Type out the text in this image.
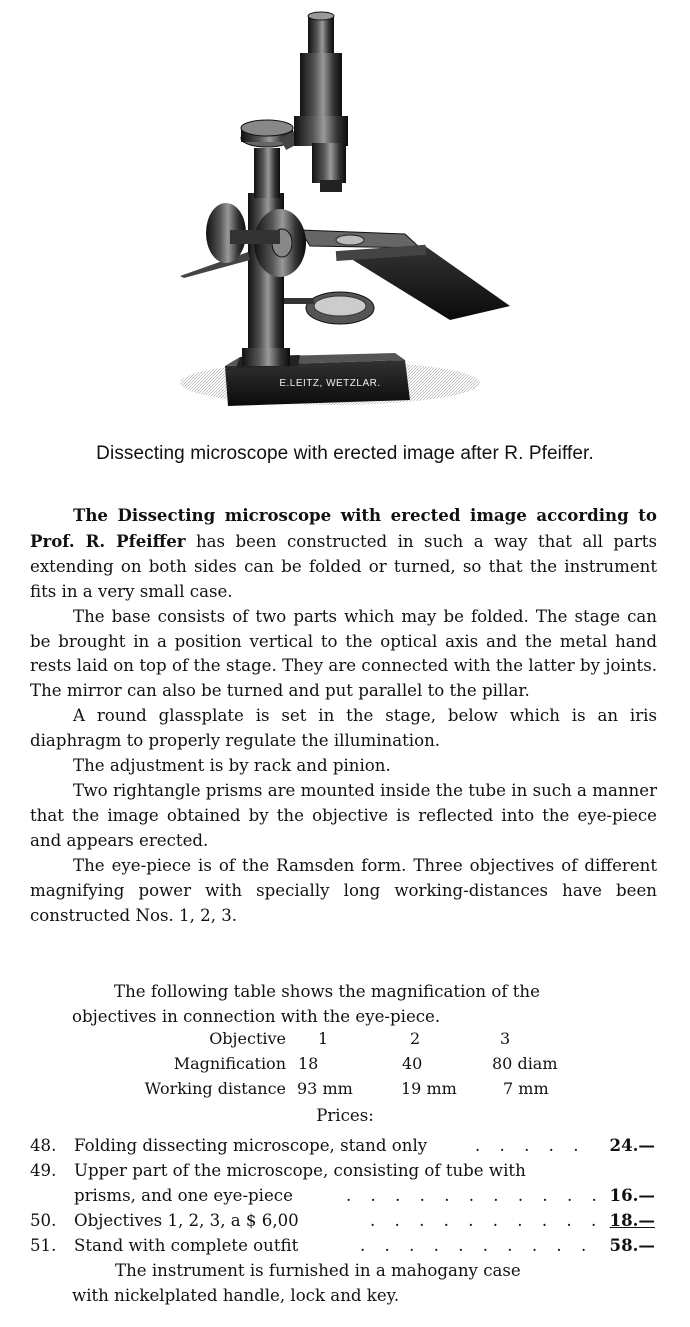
E.LEITZ, WETZLAR.
Dissecting microscope with erected image after R. Pfeiffer.

The Dissecting microscope with erected image according to Prof. R. Pfeiffer has been constructed in such a way that all parts extending on both sides can be folded or turned, so that the instrument fits in a very small case.

The base consists of two parts which may be folded. The stage can be brought in a position vertical to the optical axis and the metal hand rests laid on top of the stage. They are connected with the latter by joints. The mirror can also be turned and put parallel to the pillar.

A round glassplate is set in the stage, below which is an iris diaphragm to properly regulate the illumination.

The adjustment is by rack and pinion.

Two rightangle prisms are mounted inside the tube in such a manner that the image obtained by the objective is reflected into the eye-piece and appears erected.

The eye-piece is of the Ramsden form. Three objectives of different magnifying power with specially long working-distances have been constructed Nos. 1, 2, 3.

The following table shows the magnification of the
objectives in connection with the eye-piece.
Objective 1	2	3
Magnification 18	40	80 diam
Working distance 93 mm	19 mm	7 mm
Prices:
48. Folding dissecting microscope, stand only	. . . . . 24.—
49. Upper part of the microscope, consisting of tube with
prisms, and one eye-piece	. . . . . . . . . . . 16.—
50. Objectives 1, 2, 3, a $ 6,00	. . . . . . . . . . 18.—
51. Stand with complete outfit	. . . . . . . . . . 58.—
The instrument is furnished in a mahogany case
with nickelplated handle, lock and key.
